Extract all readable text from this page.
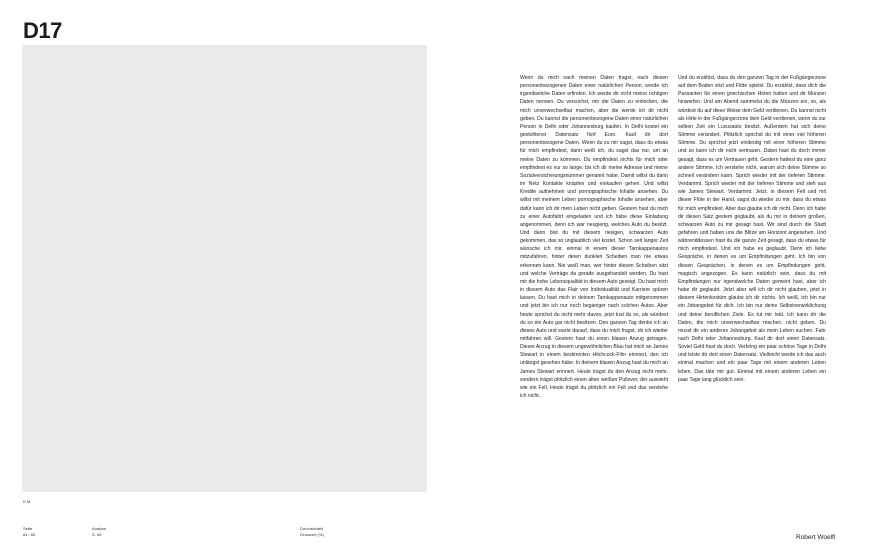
D17
K-M

Wenn du mich nach meinen Daten fragst, nach diesen personenbezogenen Daten einer natürlichen Person, werde ich irgendwelche Daten erfinden. Ich werde dir nicht meine richtigen Daten nennen. Du versuchst, mir die Daten zu entlocken, die mich unverwechselbar machen, aber die werde ich dir nicht geben. Du kannst die personenbezogene Daten einer natürlichen Person in Delhi oder Johannesburg kaufen. In Delhi kostet ein gestohlener Datensatz fünf Euro. Kauf dir dort personenbezogene Daten. Wenn du zu mir sagst, dass du etwas für mich empfindest, dann weiß ich, du sagst das nur, um an meine Daten zu kommen. Du empfindest nichts für mich oder empfindest es nur so lange, bis ich dir meine Adresse und meine Sozialversicherungsnummer genannt habe. Damit willst du dann im Netz Kontakte knüpfen und einkaufen gehen. Und willst Kredite aufnehmen und pornographische Inhalte ansehen. Du willst mit meinem Leben pornographische Inhalte ansehen, aber dafür kann ich dir mein Leben nicht geben. Gestern hast du mich zu einer Autofahrt eingeladen und ich habe diese Einladung angenommen, denn ich war neugierig, welches Auto du besitzt. Und dann bist du mit diesem riesigen, schwarzen Auto gekommen, das so unglaublich viel kostet. Schon seit langer Zeit wünsche ich mir, einmal in einem dieser Tarnkappenautos mitzufahren, hinter deren dunklen Scheiben man nie etwas erkennen kann. Nie weiß man, wer hinter diesen Scheiben sitzt und welche Verträge da gerade ausgehandelt werden. Du hast mir die hohe Lebensqualität in diesem Auto gezeigt. Du hast mich in diesem Auto das Flair von Individualität und Karriere spüren lassen. Du hast mich in deinem Tarnkappenauto mitgenommen und jetzt bin ich nur noch begieriger nach solchen Autos. Aber heute sprichst du nicht mehr davon, jetzt tust du so, als würdest du so ein Auto gar nicht besitzen. Den ganzen Tag denke ich an dieses Auto und warte darauf, dass du mich fragst, ob ich wieder mitfahren will. Gestern hast du einen blauen Anzug getragen. Dieser Anzug in diesem ungewöhnlichen Blau hat mich an James Stewart in einem bestimmten Hitchcock-Film erinnert, den ich unlängst gesehen habe. In deinem blauen Anzug hast du mich an James Stewart erinnert. Heute trägst du den Anzug nicht mehr, sondern trägst plötzlich einen alten weißen Pullover, der aussieht wie ein Fell. Heute trägst du plötzlich ein Fell und das verstehe ich nicht.

Und du erzählst, dass du den ganzen Tag in der Fußgängerzone auf dem Boden sitzt und Flöte spielst. Du erzählst, dass dich die Passanten für einen griechischen Hirten halten und dir Münzen hinwerfen. Und am Abend sammelst du die Münzen ein, so, als würdest du auf diese Weise dein Geld verdienen. Du kannst nicht als Hirte in der Fußgängerzone dein Geld verdienen, wenn du zur selben Zeit ein Luxusauto besitzt. Außerdem hat sich deine Stimme verändert. Plötzlich sprichst du mit einer viel höheren Stimme. Du sprichst jetzt eindeutig mit einer höheren Stimme und so kann ich dir nicht vertrauen. Dabei hast du doch immer gesagt, dass es um Vertrauen geht. Gestern hattest du eine ganz andere Stimme. Ich verstehe nicht, warum sich deine Stimme so schnell verändern kann. Sprich wieder mit der tieferen Stimme. Verdammt. Sprich wieder mit der tieferen Stimme und sieh aus wie James Stewart. Verdammt. Jetzt, in diesem Fell und mit dieser Flöte in der Hand, sagst du wieder zu mir, dass du etwas für mich empfindest. Aber das glaube ich dir nicht. Denn ich habe dir diesen Satz gestern geglaubt, als du mir in deinem großen, schwarzen Auto zu mir gesagt hast. Wir sind durch die Stadt gefahren und haben uns die Blitze am Horizont angesehen. Und währenddessen hast du die ganze Zeit gesagt, dass du etwas für mich empfindest. Und ich habe es geglaubt. Denn ich liebe Gespräche, in denen es um Empfindungen geht. Ich bin von diesen Gesprächen, in denen es um Empfindungen geht, magisch angezogen. Es kann natürlich sein, dass du mit Empfindungen nur irgendwelche Daten gemeint hast, aber ich habe dir geglaubt. Jetzt aber will ich dir nicht glauben, jetzt in diesem Hirtenkostüm glaube ich dir nichts. Ich weiß, ich bin nur ein Jobangebot für dich. Ich bin nur deine Selbstverwirklichung und deine beruflichen Ziele. Es tut mir leid. Ich kann dir die Daten, die mich unverwechselbar machen, nicht geben. Du musst dir ein anderes Jobangebot als mein Leben suchen. Fahr nach Delhi oder Johannesburg. Kauf dir dort einen Datensatz. Soviel Geld hast du doch. Verbring ein paar schöne Tage in Delhi und leiste dir dort einen Datensatz. Vielleicht werde ich das auch einmal machen und ein paar Tage mit einem anderen Leben leben. Das täte mir gut. Einmal mit einem anderen Leben ein paar Tage lang glücklich sein.

Sette
64 / 65
Analyse
S. 65
Durchsichtelt
Grauwert (%)	Robert Woelfl
